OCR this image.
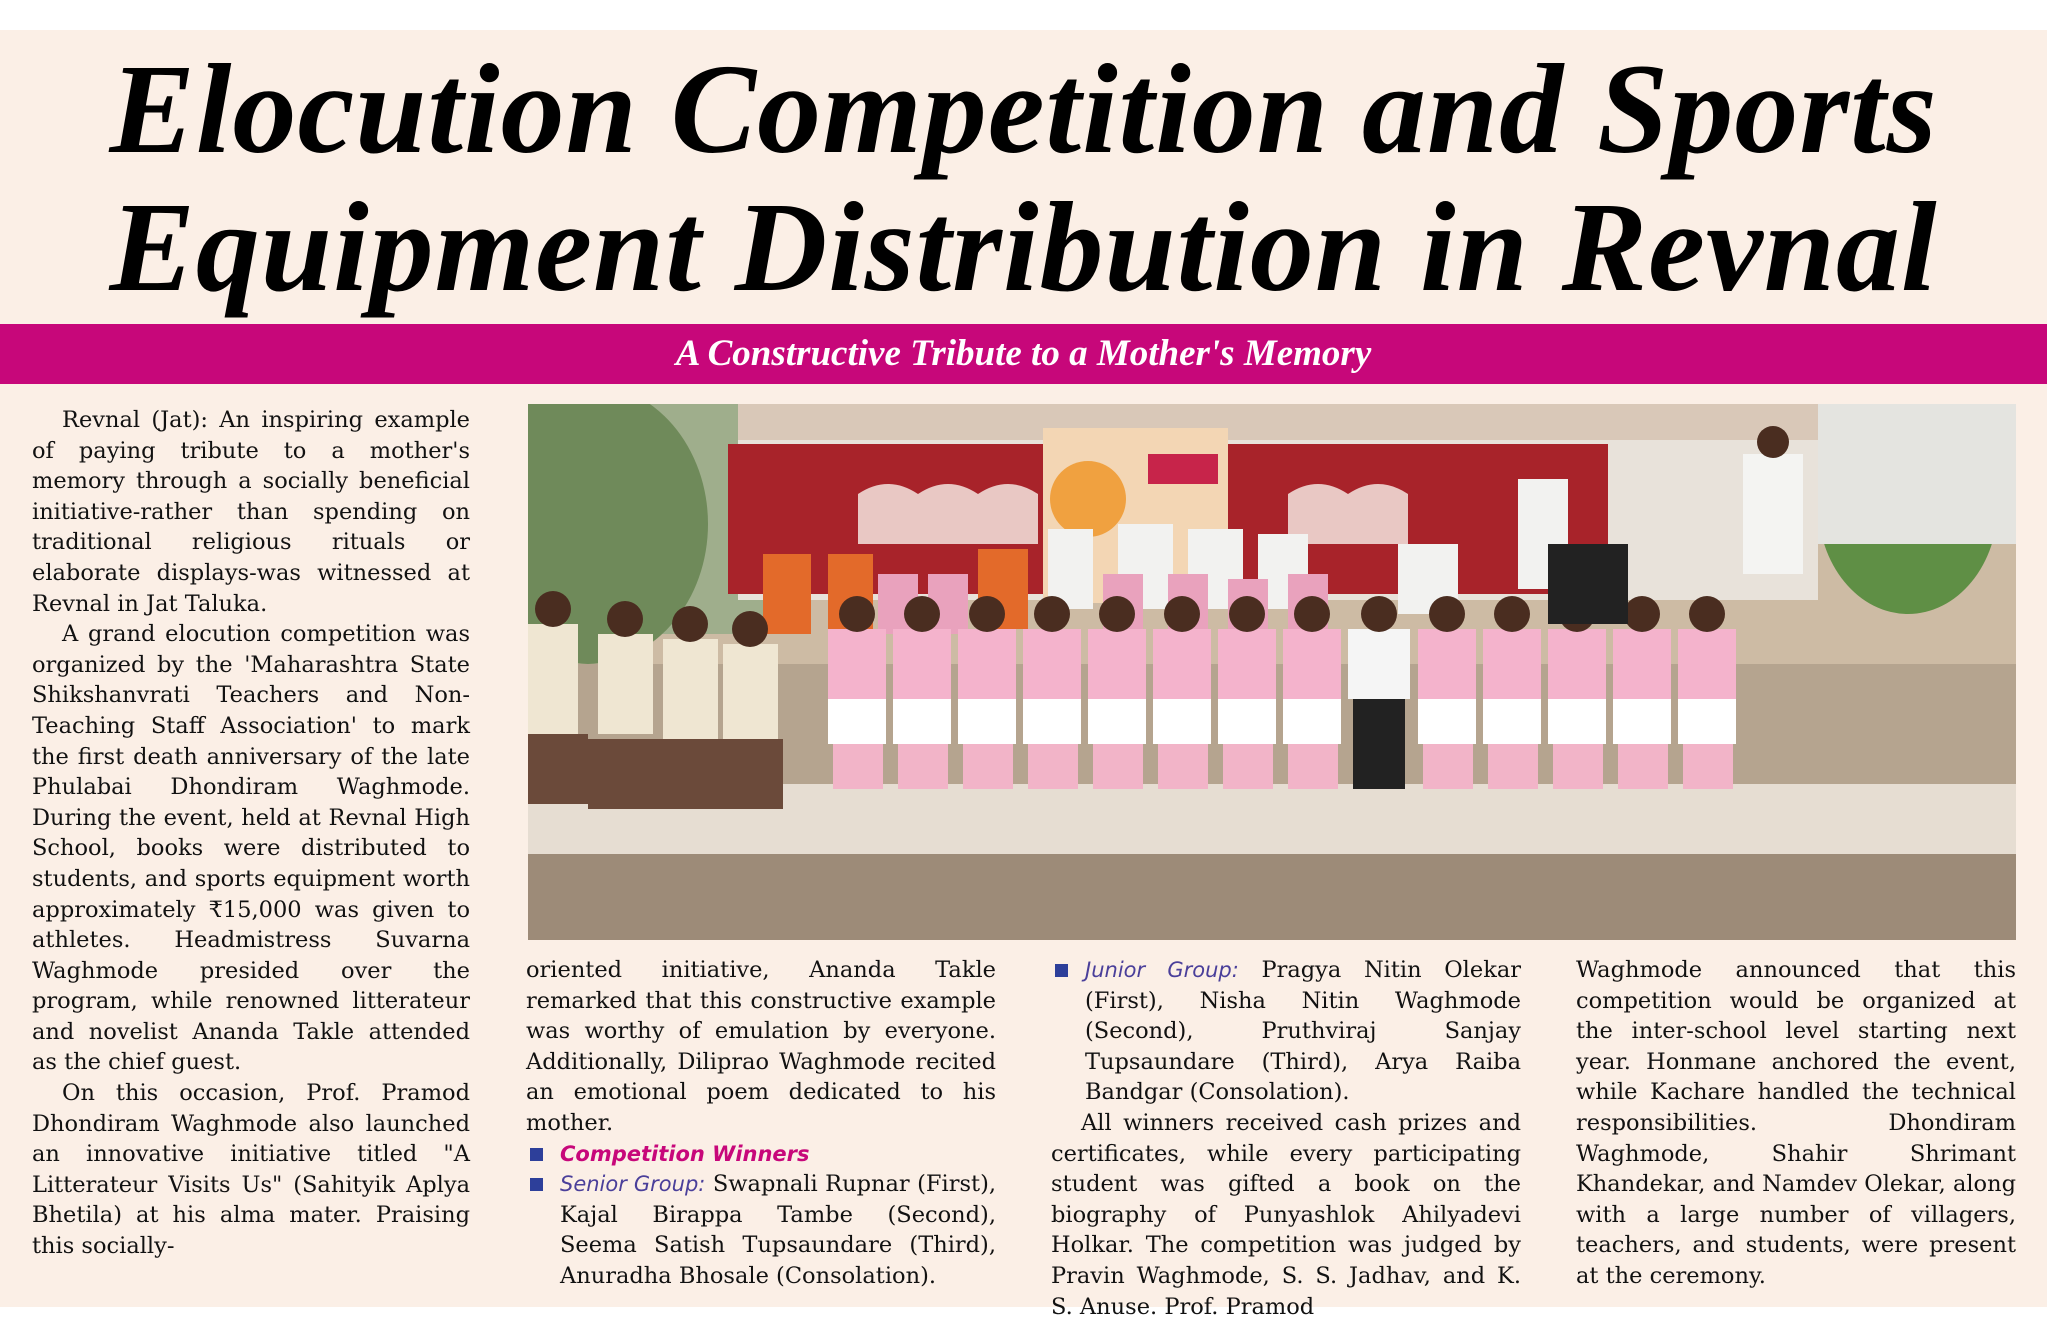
Elocution Competition and Sports
Equipment Distribution in Revnal
A Constructive Tribute to a Mother's Memory

Revnal (Jat): An inspiring example of paying tribute to a mother's memory through a socially beneficial initiative-rather than spending on traditional religious rituals or elaborate displays-was witnessed at Revnal in Jat Taluka.

A grand elocution competition was organized by the 'Maharashtra State Shikshanvrati Teachers and Non-Teaching Staff Association' to mark the first death anniversary of the late Phulabai Dhondiram Waghmode. During the event, held at Revnal High School, books were distributed to students, and sports equipment worth approximately ₹15,000 was given to athletes. Headmistress Suvarna Waghmode presided over the program, while renowned litterateur and novelist Ananda Takle attended as the chief guest.

On this occasion, Prof. Pramod Dhondiram Waghmode also launched an innovative initiative titled "A Litterateur Visits Us" (Sahityik Aplya Bhetila) at his alma mater. Praising this socially-

oriented initiative, Ananda Takle remarked that this constructive example was worthy of emulation by everyone. Additionally, Diliprao Waghmode recited an emotional poem dedicated to his mother.

Competition Winners

Senior Group: Swapnali Rupnar (First), Kajal Birappa Tambe (Second), Seema Satish Tupsaundare (Third), Anuradha Bhosale (Consolation).

Junior Group: Pragya Nitin Olekar (First), Nisha Nitin Waghmode (Second), Pruthviraj Sanjay Tupsaundare (Third), Arya Raiba Bandgar (Consolation).

All winners received cash prizes and certificates, while every participating student was gifted a book on the biography of Punyashlok Ahilyadevi Holkar. The competition was judged by Pravin Waghmode, S. S. Jadhav, and K. S. Anuse. Prof. Pramod

Waghmode announced that this competition would be organized at the inter-school level starting next year. Honmane anchored the event, while Kachare handled the technical responsibilities. Dhondiram Waghmode, Shahir Shrimant Khandekar, and Namdev Olekar, along with a large number of villagers, teachers, and students, were present at the ceremony.
